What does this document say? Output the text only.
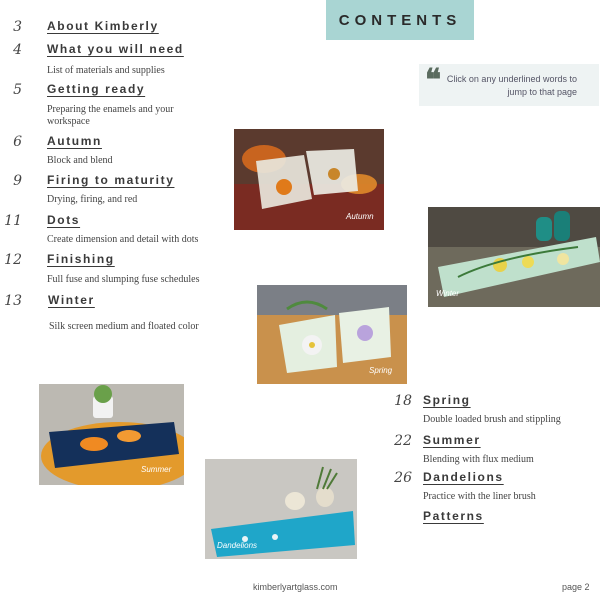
CONTENTS
❝ Click on any underlined words to jump to that page
3 About Kimberly
4 What you will need
List of materials and supplies
5 Getting ready
Preparing the enamels and your workspace
6 Autumn
Block and blend
9 Firing to maturity
Drying, firing, and red
11 Dots
Create dimension and detail with dots
12 Finishing
Full fuse and slumping fuse schedules
13 Winter
Silk screen medium and floated color
18 Spring
Double loaded brush and stippling
22 Summer
Blending with flux medium
26 Dandelions
Practice with the liner brush
Patterns
Autumn
Winter
Spring
Summer
Dandelions
kimberlyartglass.com	page 2
